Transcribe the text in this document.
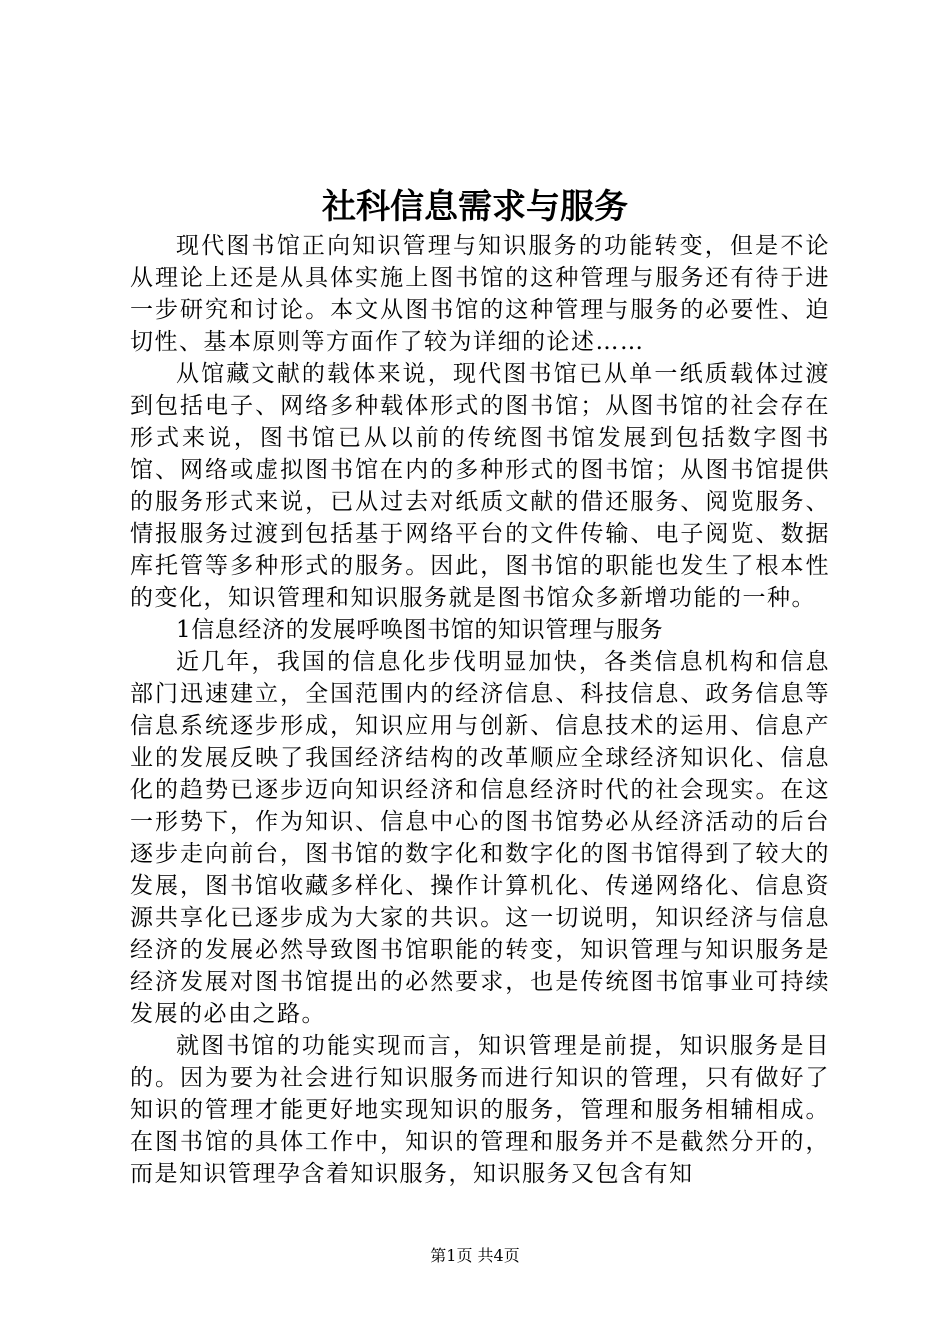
社科信息需求与服务

现代图书馆正向知识管理与知识服务的功能转变，但是不论从理论上还是从具体实施上图书馆的这种管理与服务还有待于进一步研究和讨论。本文从图书馆的这种管理与服务的必要性、迫切性、基本原则等方面作了较为详细的论述……

从馆藏文献的载体来说，现代图书馆已从单一纸质载体过渡到包括电子、网络多种载体形式的图书馆；从图书馆的社会存在形式来说，图书馆已从以前的传统图书馆发展到包括数字图书馆、网络或虚拟图书馆在内的多种形式的图书馆；从图书馆提供的服务形式来说，已从过去对纸质文献的借还服务、阅览服务、情报服务过渡到包括基于网络平台的文件传输、电子阅览、数据库托管等多种形式的服务。因此，图书馆的职能也发生了根本性的变化，知识管理和知识服务就是图书馆众多新增功能的一种。

1信息经济的发展呼唤图书馆的知识管理与服务

近几年，我国的信息化步伐明显加快，各类信息机构和信息部门迅速建立，全国范围内的经济信息、科技信息、政务信息等信息系统逐步形成，知识应用与创新、信息技术的运用、信息产业的发展反映了我国经济结构的改革顺应全球经济知识化、信息化的趋势已逐步迈向知识经济和信息经济时代的社会现实。在这一形势下，作为知识、信息中心的图书馆势必从经济活动的后台逐步走向前台，图书馆的数字化和数字化的图书馆得到了较大的发展，图书馆收藏多样化、操作计算机化、传递网络化、信息资源共享化已逐步成为大家的共识。这一切说明，知识经济与信息经济的发展必然导致图书馆职能的转变，知识管理与知识服务是经济发展对图书馆提出的必然要求，也是传统图书馆事业可持续发展的必由之路。

就图书馆的功能实现而言，知识管理是前提，知识服务是目的。因为要为社会进行知识服务而进行知识的管理，只有做好了知识的管理才能更好地实现知识的服务，管理和服务相辅相成。在图书馆的具体工作中，知识的管理和服务并不是截然分开的，而是知识管理孕含着知识服务，知识服务又包含有知

第1页 共4页
